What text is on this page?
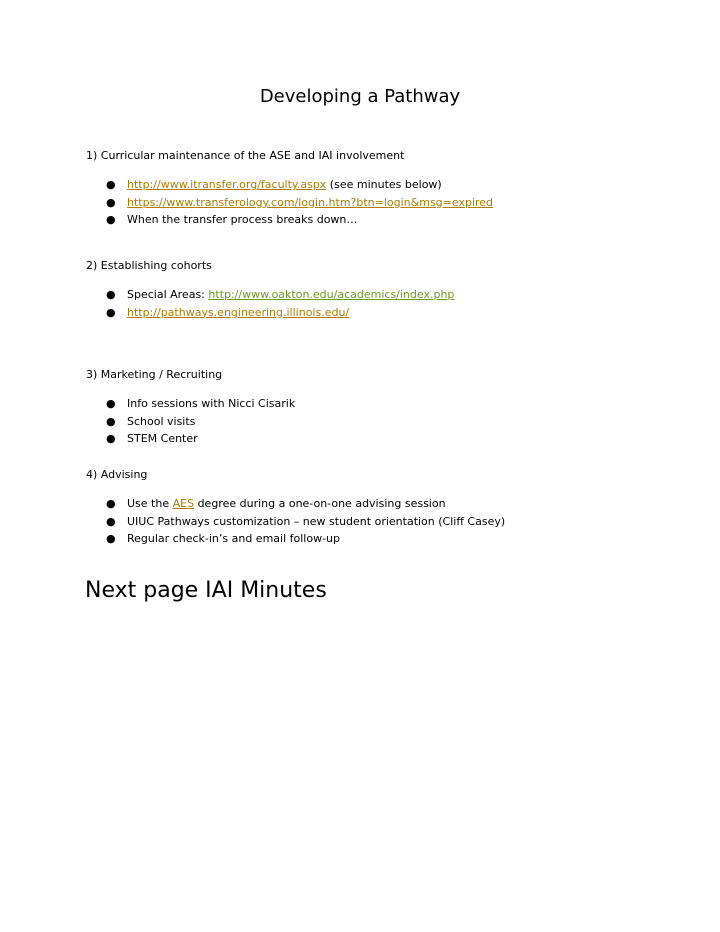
Developing a Pathway

1) Curricular maintenance of the ASE and IAI involvement

● http://www.itransfer.org/faculty.aspx (see minutes below)
● https://www.transferology.com/login.htm?btn=login&msg=expired
● When the transfer process breaks down…

2) Establishing cohorts

● Special Areas: http://www.oakton.edu/academics/index.php
● http://pathways.engineering.illinois.edu/

3) Marketing / Recruiting

● Info sessions with Nicci Cisarik
● School visits
● STEM Center

4) Advising

● Use the AES degree during a one-on-one advising session
● UIUC Pathways customization – new student orientation (Cliff Casey)
● Regular check-in’s and email follow-up
Next page IAI Minutes
